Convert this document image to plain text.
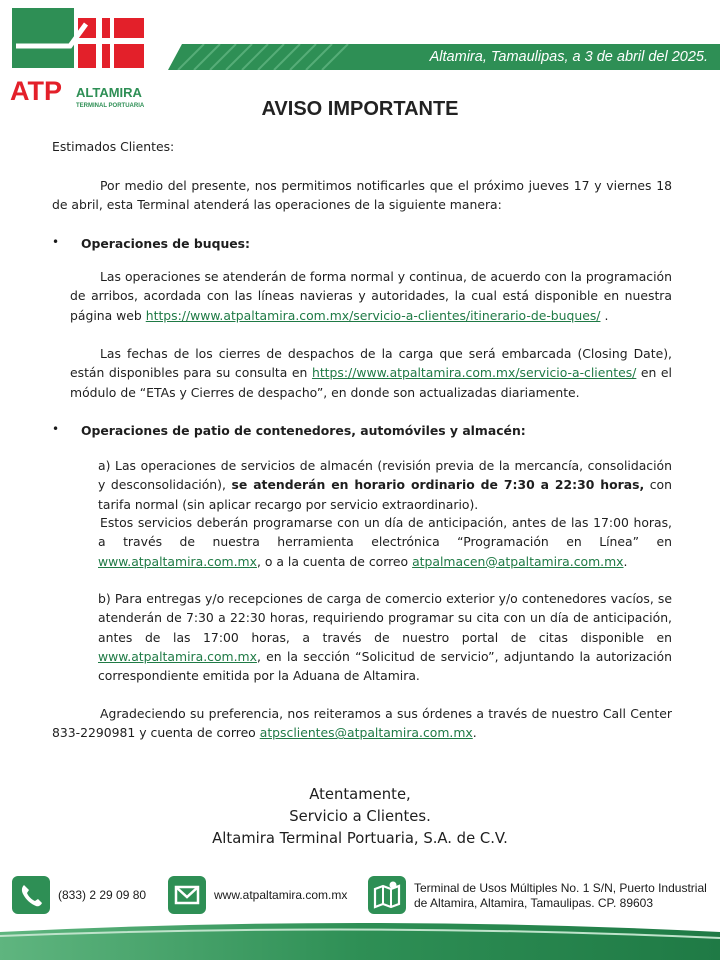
ATP ALTAMIRA
TERMINAL PORTUARIA
Altamira, Tamaulipas, a 3 de abril del 2025.
AVISO IMPORTANTE
Estimados Clientes:
Por medio del presente, nos permitimos notificarles que el próximo jueves 17 y viernes 18 de abril, esta Terminal atenderá las operaciones de la siguiente manera:
• Operaciones de buques:
Las operaciones se atenderán de forma normal y continua, de acuerdo con la programación de arribos, acordada con las líneas navieras y autoridades, la cual está disponible en nuestra página web https://www.atpaltamira.com.mx/servicio-a-clientes/itinerario-de-buques/ .
Las fechas de los cierres de despachos de la carga que será embarcada (Closing Date), están disponibles para su consulta en https://www.atpaltamira.com.mx/servicio-a-clientes/ en el módulo de “ETAs y Cierres de despacho”, en donde son actualizadas diariamente.
• Operaciones de patio de contenedores, automóviles y almacén:
a) Las operaciones de servicios de almacén (revisión previa de la mercancía, consolidación y desconsolidación), se atenderán en horario ordinario de 7:30 a 22:30 horas, con tarifa normal (sin aplicar recargo por servicio extraordinario).
Estos servicios deberán programarse con un día de anticipación, antes de las 17:00 horas, a través de nuestra herramienta electrónica “Programación en Línea” en www.atpaltamira.com.mx, o a la cuenta de correo atpalmacen@atpaltamira.com.mx.
b) Para entregas y/o recepciones de carga de comercio exterior y/o contenedores vacíos, se atenderán de 7:30 a 22:30 horas, requiriendo programar su cita con un día de anticipación, antes de las 17:00 horas, a través de nuestro portal de citas disponible en www.atpaltamira.com.mx, en la sección “Solicitud de servicio”, adjuntando la autorización correspondiente emitida por la Aduana de Altamira.
Agradeciendo su preferencia, nos reiteramos a sus órdenes a través de nuestro Call Center 833-2290981 y cuenta de correo atpsclientes@atpaltamira.com.mx.
Atentamente,
Servicio a Clientes.
Altamira Terminal Portuaria, S.A. de C.V.
(833) 2 29 09 80	www.atpaltamira.com.mx	Terminal de Usos Múltiples No. 1 S/N, Puerto Industrial
de Altamira, Altamira, Tamaulipas. CP. 89603
